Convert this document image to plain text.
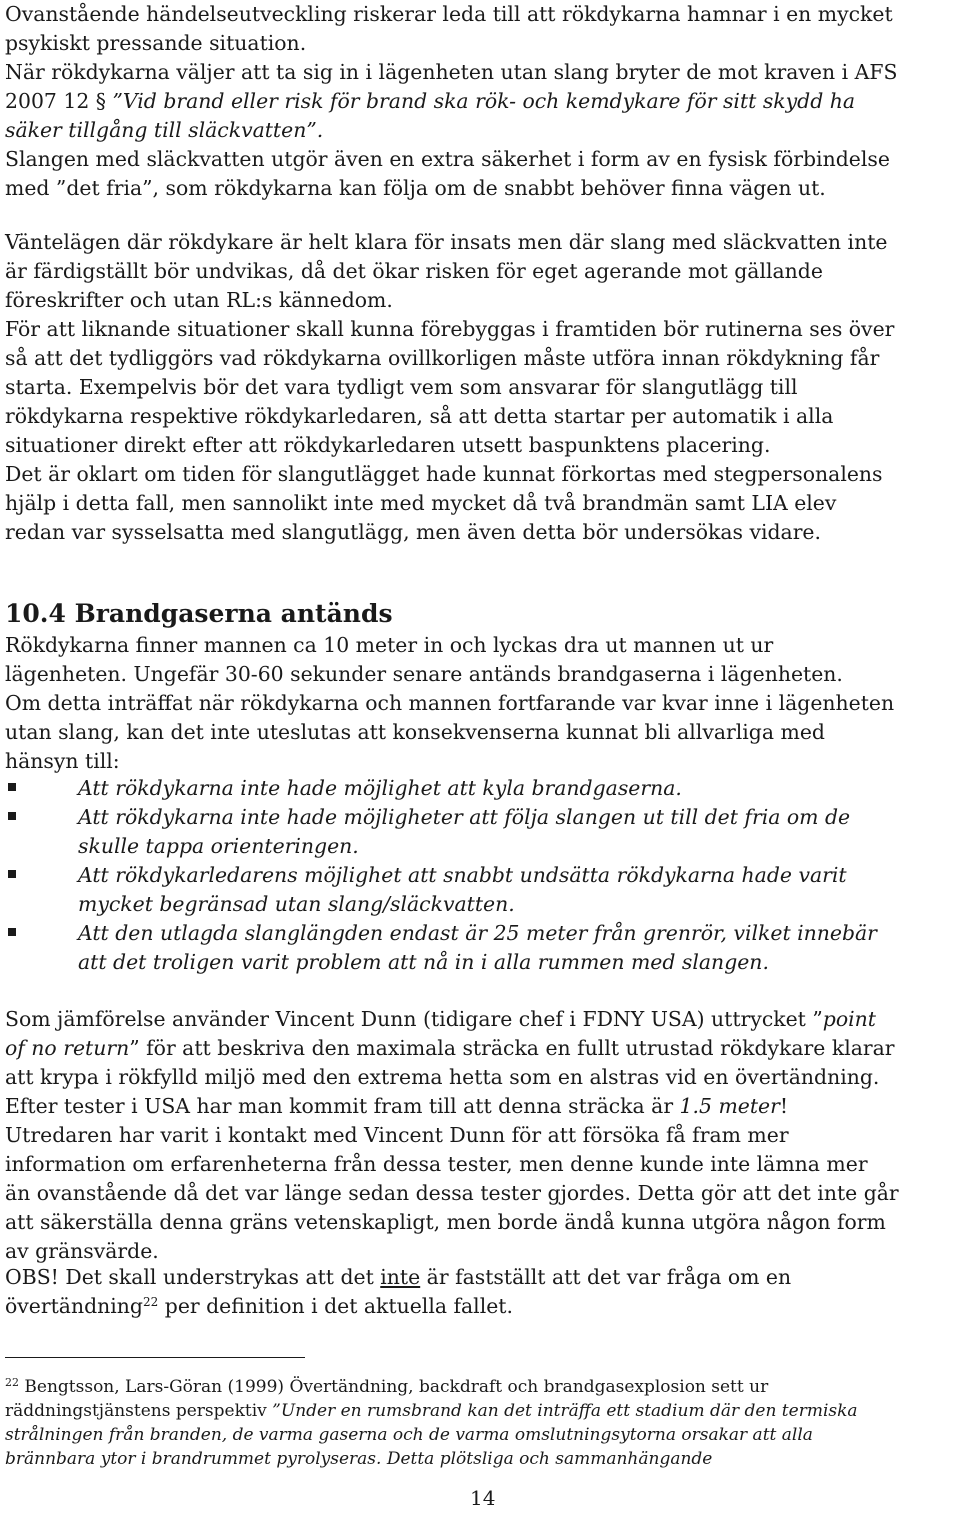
Ovanstående händelseutveckling riskerar leda till att rökdykarna hamnar i en mycket
psykiskt pressande situation.
När rökdykarna väljer att ta sig in i lägenheten utan slang bryter de mot kraven i AFS
2007 12 § ”Vid brand eller risk för brand ska rök- och kemdykare för sitt skydd ha
säker tillgång till släckvatten”.
Slangen med släckvatten utgör även en extra säkerhet i form av en fysisk förbindelse
med ”det fria”, som rökdykarna kan följa om de snabbt behöver finna vägen ut.
Väntelägen där rökdykare är helt klara för insats men där slang med släckvatten inte
är färdigställt bör undvikas, då det ökar risken för eget agerande mot gällande
föreskrifter och utan RL:s kännedom.
För att liknande situationer skall kunna förebyggas i framtiden bör rutinerna ses över
så att det tydliggörs vad rökdykarna ovillkorligen måste utföra innan rökdykning får
starta. Exempelvis bör det vara tydligt vem som ansvarar för slangutlägg till
rökdykarna respektive rökdykarledaren, så att detta startar per automatik i alla
situationer direkt efter att rökdykarledaren utsett baspunktens placering.
Det är oklart om tiden för slangutlägget hade kunnat förkortas med stegpersonalens
hjälp i detta fall, men sannolikt inte med mycket då två brandmän samt LIA elev
redan var sysselsatta med slangutlägg, men även detta bör undersökas vidare.
10.4 Brandgaserna antänds
Rökdykarna finner mannen ca 10 meter in och lyckas dra ut mannen ut ur
lägenheten. Ungefär 30-60 sekunder senare antänds brandgaserna i lägenheten.
Om detta inträffat när rökdykarna och mannen fortfarande var kvar inne i lägenheten
utan slang, kan det inte uteslutas att konsekvenserna kunnat bli allvarliga med
hänsyn till:
Att rökdykarna inte hade möjlighet att kyla brandgaserna.
Att rökdykarna inte hade möjligheter att följa slangen ut till det fria om de
skulle tappa orienteringen.
Att rökdykarledarens möjlighet att snabbt undsätta rökdykarna hade varit
mycket begränsad utan slang/släckvatten.
Att den utlagda slanglängden endast är 25 meter från grenrör, vilket innebär
att det troligen varit problem att nå in i alla rummen med slangen.
Som jämförelse använder Vincent Dunn (tidigare chef i FDNY USA) uttrycket ”point
of no return” för att beskriva den maximala sträcka en fullt utrustad rökdykare klarar
att krypa i rökfylld miljö med den extrema hetta som en alstras vid en övertändning.
Efter tester i USA har man kommit fram till att denna sträcka är 1.5 meter!
Utredaren har varit i kontakt med Vincent Dunn för att försöka få fram mer
information om erfarenheterna från dessa tester, men denne kunde inte lämna mer
än ovanstående då det var länge sedan dessa tester gjordes. Detta gör att det inte går
att säkerställa denna gräns vetenskapligt, men borde ändå kunna utgöra någon form
av gränsvärde.
OBS! Det skall understrykas att det inte är fastställt att det var fråga om en
övertändning$^{22}$ per definition i det aktuella fallet.
$^{22}$ Bengtsson, Lars-Göran (1999) Övertändning, backdraft och brandgasexplosion sett ur
räddningstjänstens perspektiv ”Under en rumsbrand kan det inträffa ett stadium där den termiska
strålningen från branden, de varma gaserna och de varma omslutningsytorna orsakar att alla
brännbara ytor i brandrummet pyrolyseras. Detta plötsliga och sammanhängande
14
